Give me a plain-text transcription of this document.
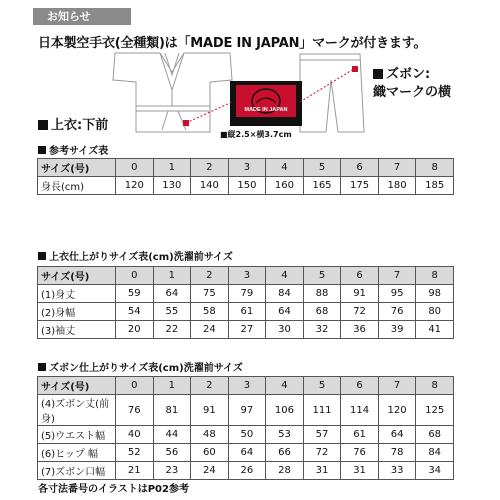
お知らせ
日本製空手衣(全種類)は「MADE IN JAPAN」マークが付きます。
MADE IN JAPAN
上衣:下前
ズボン:
織マークの横
■縦2.5×横3.7cm
参考サイズ表
サイズ(号)	0	1	2	3	4	5	6	7	8
身長(cm)	120	130	140	150	160	165	175	180	185
上衣仕上がりサイズ表(cm)洗濯前サイズ
サイズ(号)	0	1	2	3	4	5	6	7	8
(1)身丈	59	64	75	79	84	88	91	95	98
(2)身幅	54	55	58	61	64	68	72	76	80
(3)袖丈	20	22	24	27	30	32	36	39	41
ズボン仕上がりサイズ表(cm)洗濯前サイズ
サイズ(号)	0	1	2	3	4	5	6	7	8
(4)ズボン丈(前身)	76	81	91	97	106	111	114	120	125
(5)ウエスト幅	40	44	48	50	53	57	61	64	68
(6)ヒップ 幅	52	56	60	64	66	72	76	78	84
(7)ズボン口幅	21	23	24	26	28	31	31	33	34
各寸法番号のイラストはP02参考
